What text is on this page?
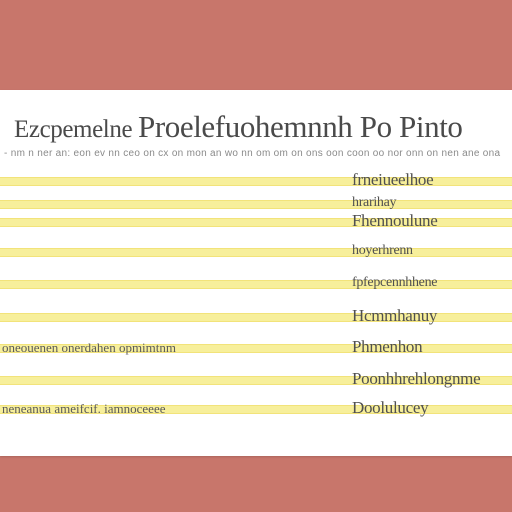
Ezcpemelne Proelefuohemnnh Po Pinto
- nm n ner an: eon ev nn ceo on cx on mon an wo nn om om on ons oon coon oo nor onn on nen ane ona
frneiueelhoe
hrarihay
Fhennoulune
hoyerhrenn
fpfepcennhhene
Hcmmhanuy
oneouenen onerdahen opmimtnm	Phmenhon
Poonhhrehlongnme
neneanua ameifcif. iamnoceeee	Doolulucey
